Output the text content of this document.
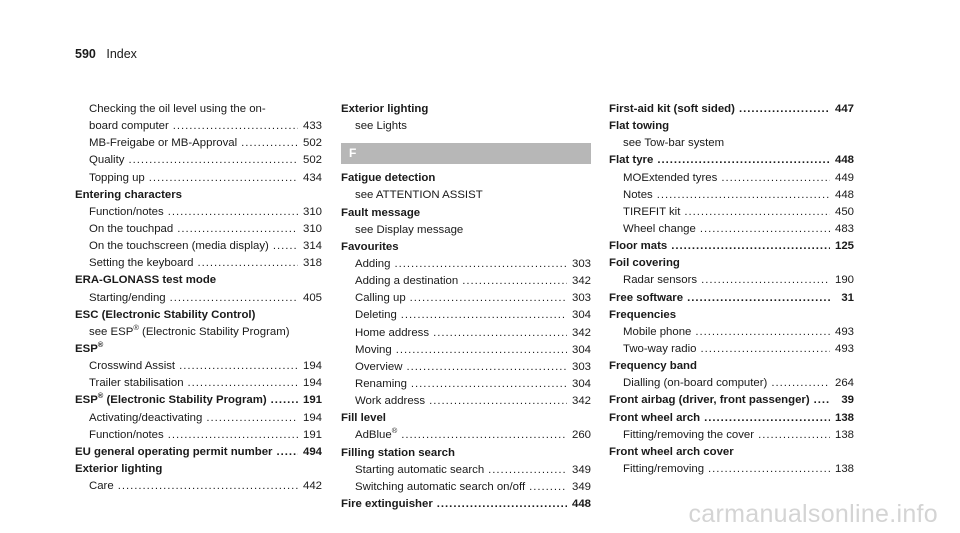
590 Index
Checking the oil level using the on-
board computer . . .	433
MB-Freigabe or MB-Approval . . .	502
Quality . . .	502
Topping up . . .	434
Entering characters
Function/notes . . .	310
On the touchpad . . .	310
On the touchscreen (media display) . . .	314
Setting the keyboard . . .	318
ERA-GLONASS test mode
Starting/ending . . .	405
ESC (Electronic Stability Control)
see ESP® (Electronic Stability Program)
ESP®
Crosswind Assist . . .	194
Trailer stabilisation . . .	194
ESP® (Electronic Stability Program) . . .	191
Activating/deactivating . . .	194
Function/notes . . .	191
EU general operating permit number . . .	494
Exterior lighting
Care . . .	442
Exterior lighting
see Lights
F
Fatigue detection
see ATTENTION ASSIST
Fault message
see Display message
Favourites
Adding . . .	303
Adding a destination . . .	342
Calling up . . .	303
Deleting . . .	304
Home address . . .	342
Moving . . .	304
Overview . . .	303
Renaming . . .	304
Work address . . .	342
Fill level
AdBlue® . . .	260
Filling station search
Starting automatic search . . .	349
Switching automatic search on/off . . .	349
Fire extinguisher . . .	448
First-aid kit (soft sided) . . .	447
Flat towing
see Tow-bar system
Flat tyre . . .	448
MOExtended tyres . . .	449
Notes . . .	448
TIREFIT kit . . .	450
Wheel change . . .	483
Floor mats . . .	125
Foil covering
Radar sensors . . .	190
Free software . . .	31
Frequencies
Mobile phone . . .	493
Two-way radio . . .	493
Frequency band
Dialling (on-board computer) . . .	264
Front airbag (driver, front passenger) . . .	39
Front wheel arch . . .	138
Fitting/removing the cover . . .	138
Front wheel arch cover
Fitting/removing . . .	138
carmanualsonline.info
